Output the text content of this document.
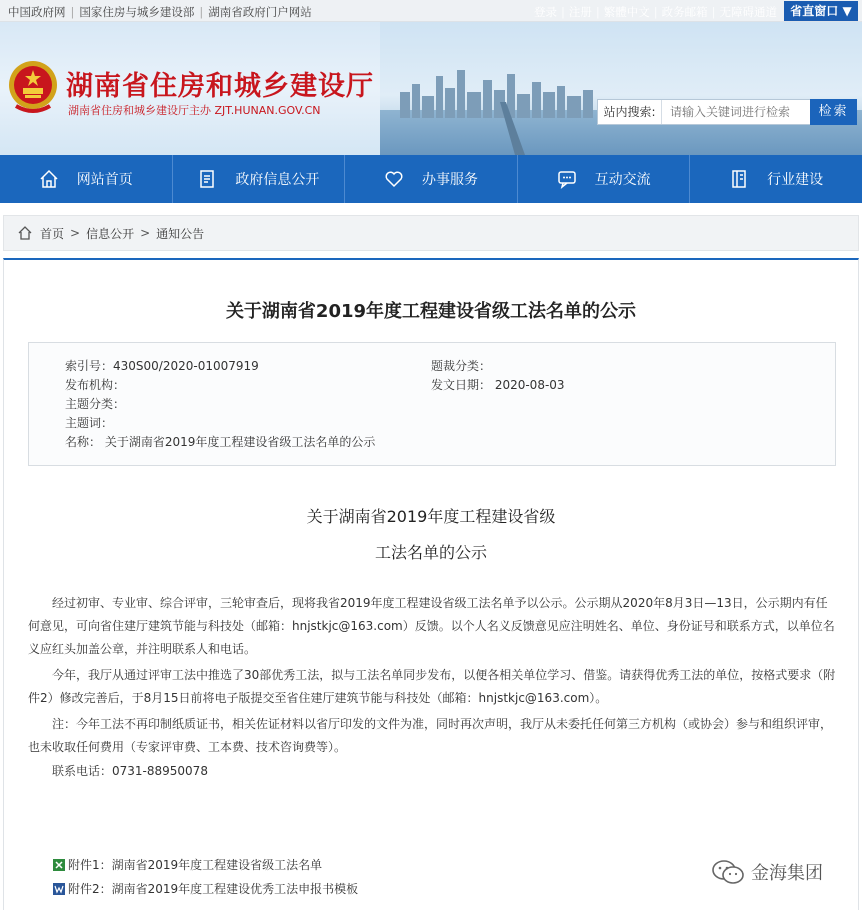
中国政府网 | 国家住房与城乡建设部 | 湖南省政府门户网站	登录 | 注册 | 繁體中文 | 政务邮箱 | 无障碍通道	省直窗口 ▼
湖南省住房和城乡建设厅
湖南省住房和城乡建设厅主办 ZJT.HUNAN.GOV.CN	站内搜索:
请输入关键词进行检索	检索
网站首页	政府信息公开	办事服务	互动交流	行业建设
首页 > 信息公开 > 通知公告
关于湖南省2019年度工程建设省级工法名单的公示
索引号：430S00/2020-01007919	题裁分类：
发布机构：	发文日期： 2020-08-03
主题分类：
主题词：
名称： 关于湖南省2019年度工程建设省级工法名单的公示
关于湖南省2019年度工程建设省级
工法名单的公示
经过初审、专业审、综合评审，三轮审查后，现将我省2019年度工程建设省级工法名单予以公示。公示期从2020年8月3日—13日，公示期内有任何意见，可向省住建厅建筑节能与科技处（邮箱：hnjstkjc@163.com）反馈。以个人名义反馈意见应注明姓名、单位、身份证号和联系方式，以单位名义应红头加盖公章，并注明联系人和电话。
今年，我厅从通过评审工法中推选了30部优秀工法，拟与工法名单同步发布，以便各相关单位学习、借鉴。请获得优秀工法的单位，按格式要求（附件2）修改完善后，于8月15日前将电子版提交至省住建厅建筑节能与科技处（邮箱：hnjstkjc@163.com）。
注：今年工法不再印制纸质证书，相关佐证材料以省厅印发的文件为准，同时再次声明，我厅从未委托任何第三方机构（或协会）参与和组织评审，也未收取任何费用（专家评审费、工本费、技术咨询费等）。
联系电话：0731-88950078
附件1：湖南省2019年度工程建设省级工法名单
附件2：湖南省2019年度工程建设优秀工法申报书模板
金海集团
